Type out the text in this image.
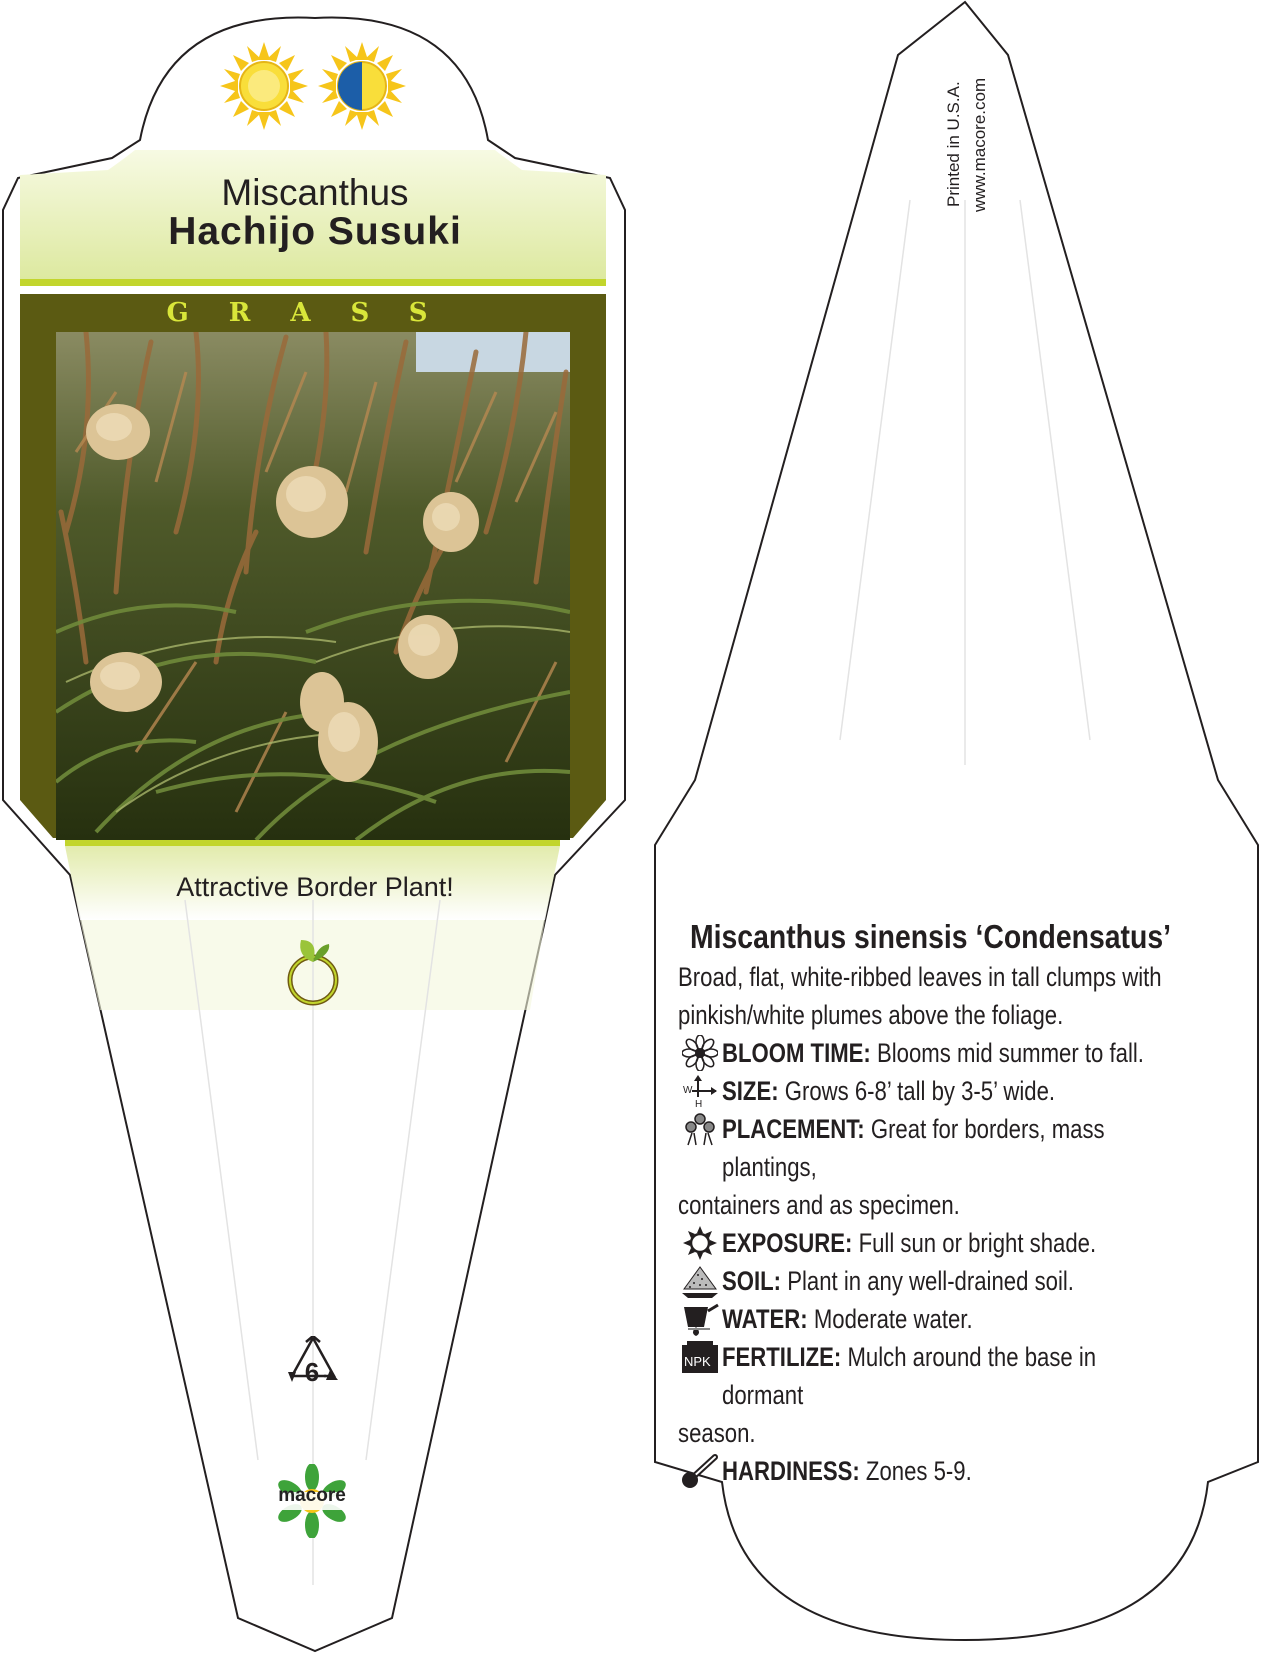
Miscanthus
Hachijo Susuki
GRASS
Attractive Border Plant!
6
macore
Printed in U.S.A. www.macore.com
Miscanthus sinensis ‘Condensatus’
Broad, flat, white-ribbed leaves in tall clumps with pinkish/white plumes above the foliage.
BLOOM TIME: Blooms mid summer to fall.
W
H SIZE: Grows 6-8’ tall by 3-5’ wide.
PLACEMENT: Great for borders, mass plantings,
containers and as specimen.
EXPOSURE: Full sun or bright shade.
SOIL: Plant in any well-drained soil.
WATER: Moderate water.
NPK FERTILIZE: Mulch around the base in dormant
season.
HARDINESS: Zones 5-9.
